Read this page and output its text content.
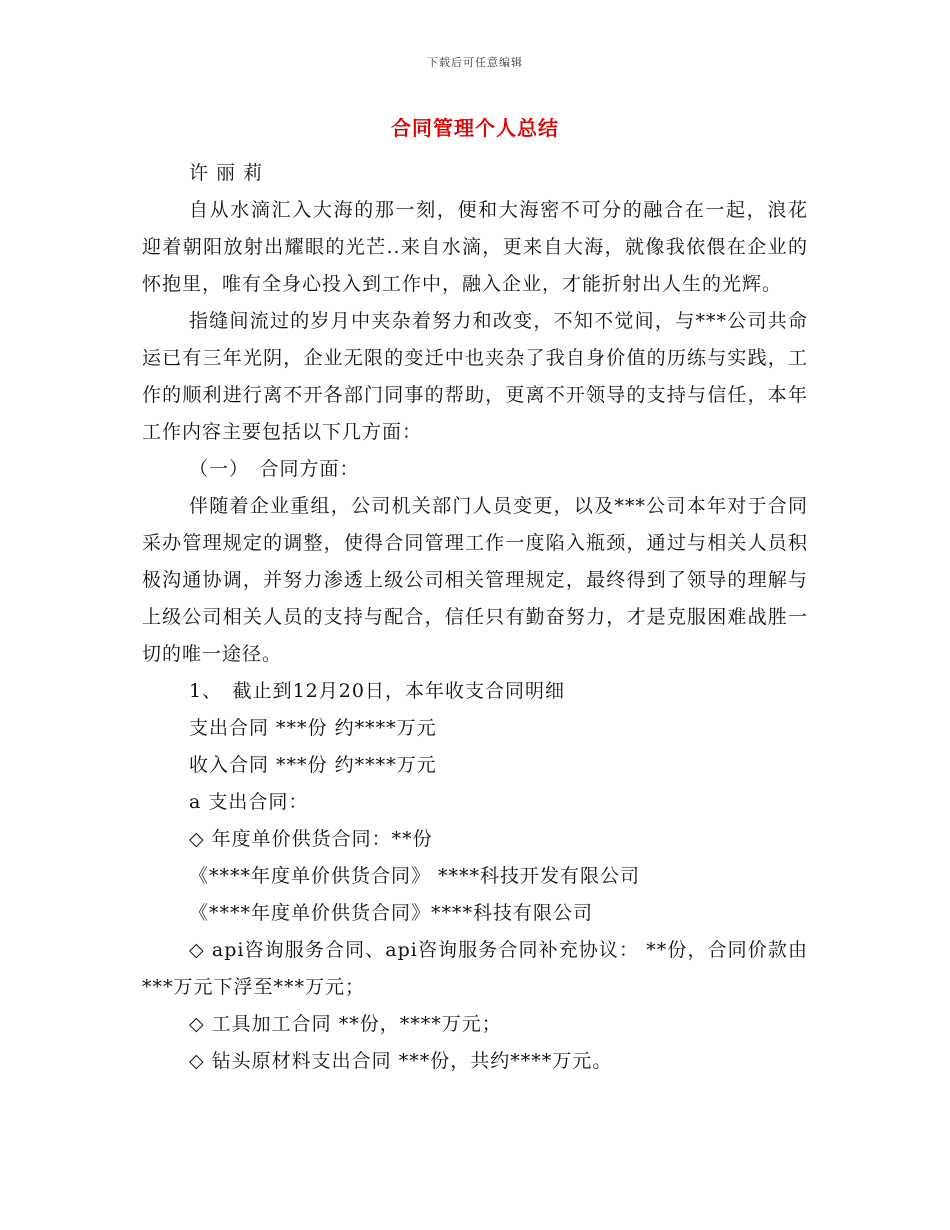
下载后可任意编辑
合同管理个人总结

许 丽 莉

自从水滴汇入大海的那一刻，便和大海密不可分的融合在一起，浪花迎着朝阳放射出耀眼的光芒..来自水滴，更来自大海，就像我依偎在企业的怀抱里，唯有全身心投入到工作中，融入企业，才能折射出人生的光辉。

指缝间流过的岁月中夹杂着努力和改变，不知不觉间，与***公司共命运已有三年光阴，企业无限的变迁中也夹杂了我自身价值的历练与实践，工作的顺利进行离不开各部门同事的帮助，更离不开领导的支持与信任，本年工作内容主要包括以下几方面：

（一）　合同方面：

伴随着企业重组，公司机关部门人员变更，以及***公司本年对于合同采办管理规定的调整，使得合同管理工作一度陷入瓶颈，通过与相关人员积极沟通协调，并努力渗透上级公司相关管理规定，最终得到了领导的理解与上级公司相关人员的支持与配合，信任只有勤奋努力，才是克服困难战胜一切的唯一途径。

1、　截止到12月20日，本年收支合同明细

支出合同 ***份 约****万元

收入合同 ***份 约****万元

a 支出合同：

◇ 年度单价供货合同：**份

《****年度单价供货合同》 ****科技开发有限公司

《****年度单价供货合同》****科技有限公司

◇ api咨询服务合同、api咨询服务合同补充协议： **份，合同价款由***万元下浮至***万元；

◇ 工具加工合同 **份，****万元；

◇ 钻头原材料支出合同 ***份，共约****万元。
